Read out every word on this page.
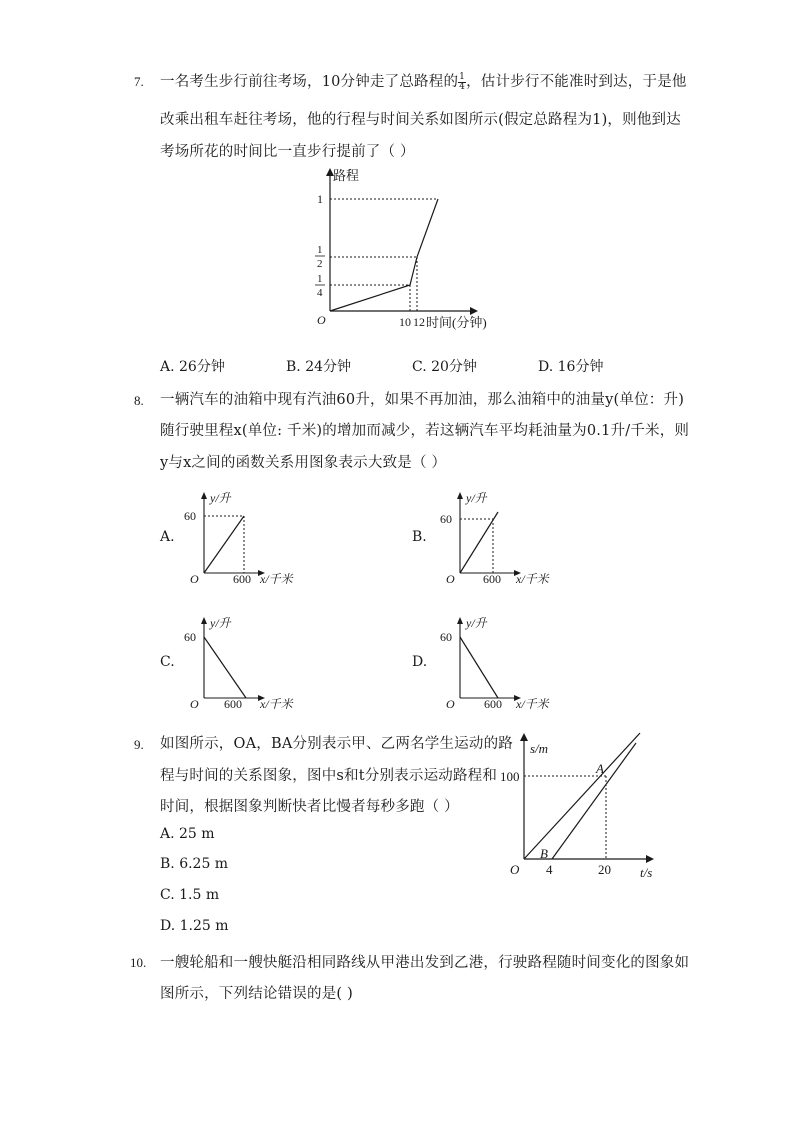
7. 一名考生步行前往考场，10分钟走了总路程的 $\frac{1}{4}$ ，估计步行不能准时到达，于是他
改乘出租车赶往考场，他的行程与时间关系如图所示(假定总路程为1)，则他到达
考场所花的时间比一直步行提前了（ ）
路程
时间(分钟)
O
1
1
2
1
4
10 12
A. 26分钟	B. 24分钟	C. 20分钟	D. 16分钟
8. 一辆汽车的油箱中现有汽油60升，如果不再加油，那么油箱中的油量y(单位：升)
随行驶里程x(单位: 千米)的增加而减少，若这辆汽车平均耗油量为0.1升/千米，则
y与x之间的函数关系用图象表示大致是（ ）
A.
y/升
x/千米
60
600
O
B.
y/升
x/千米
60
600
O
C.
y/升
x/千米
60
600
O
D.
y/升
x/千米
60
600
O
9. 如图所示，OA，BA分别表示甲、乙两名学生运动的路
程与时间的关系图象，图中s和t分别表示运动路程和
时间，根据图象判断快者比慢者每秒多跑（ ）
A. 25 m
B. 6.25 m
C. 1.5 m
D. 1.25 m
s/m
t/s
O
100
4	20
A
B
10. 一艘轮船和一艘快艇沿相同路线从甲港出发到乙港，行驶路程随时间变化的图象如
图所示，下列结论错误的是( )
